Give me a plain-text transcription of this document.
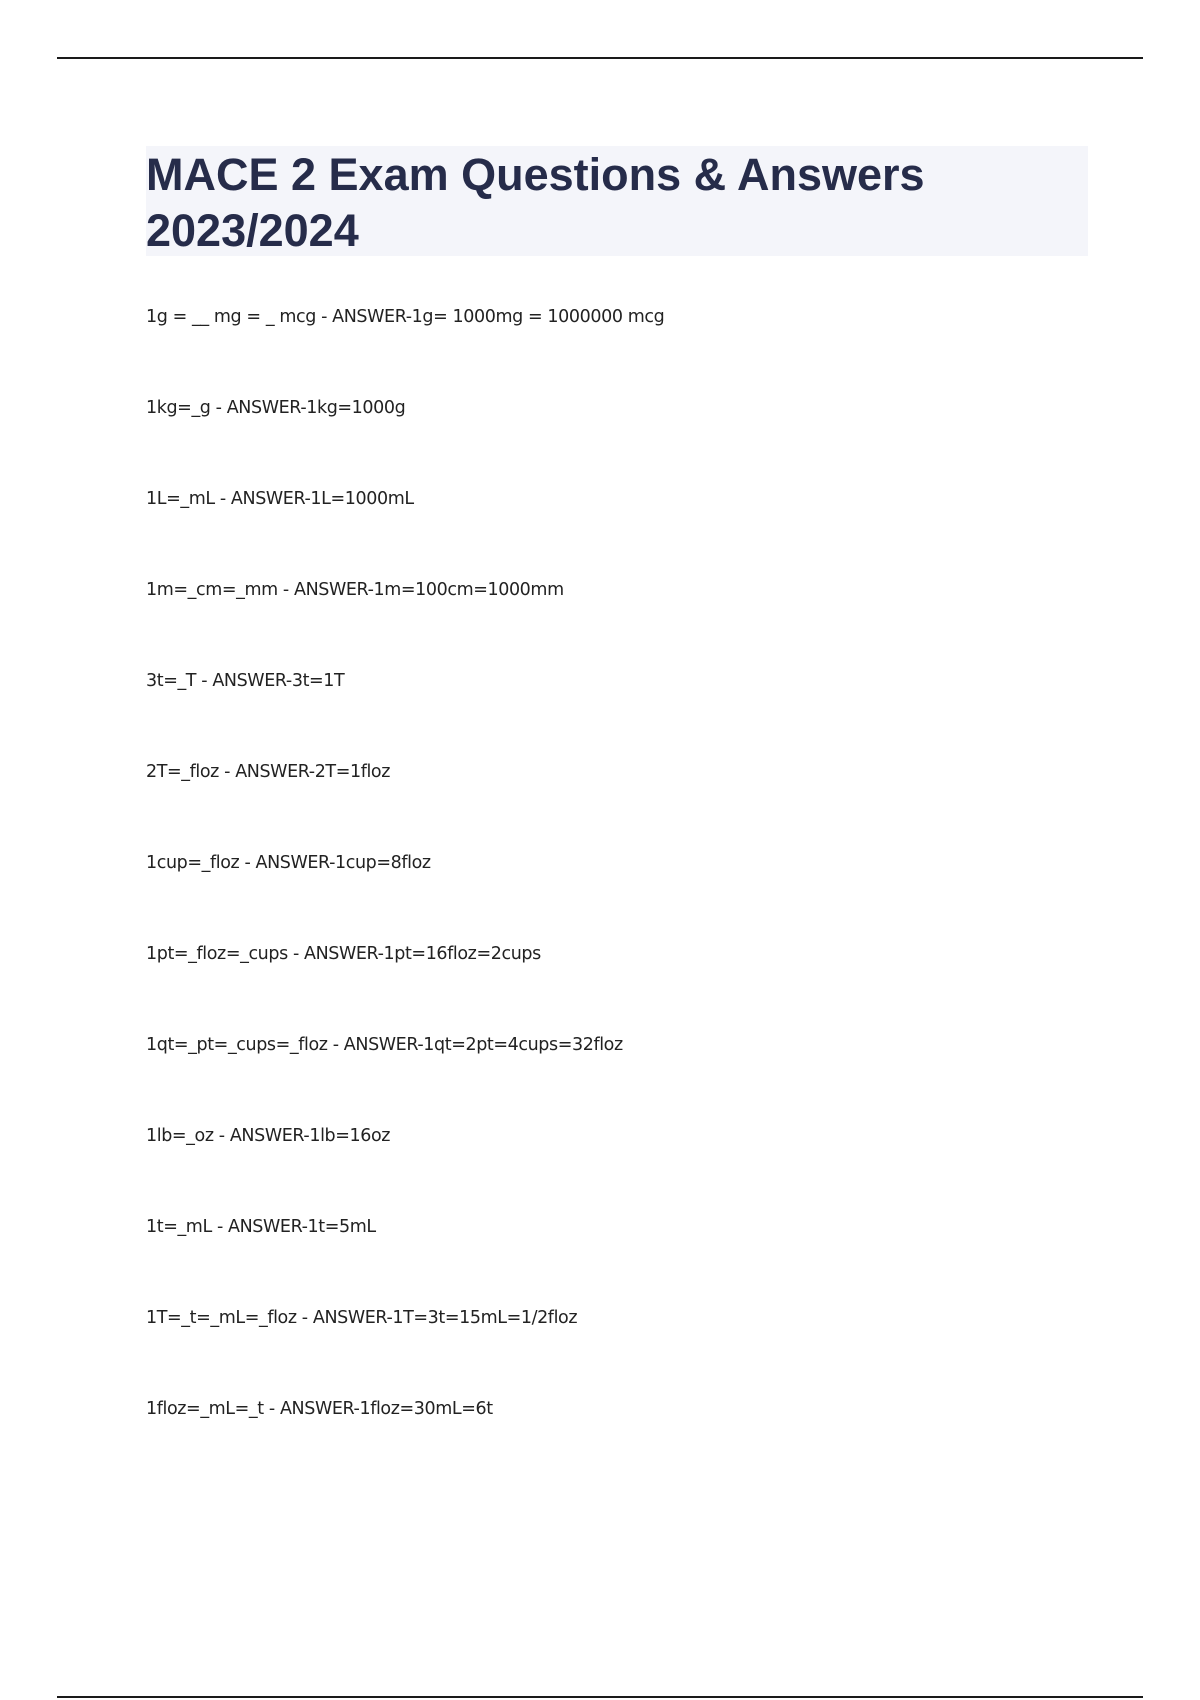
MACE 2 Exam Questions & Answers
2023/2024
1g = __ mg = _ mcg - ANSWER-1g= 1000mg = 1000000 mcg
1kg=_g - ANSWER-1kg=1000g
1L=_mL - ANSWER-1L=1000mL
1m=_cm=_mm - ANSWER-1m=100cm=1000mm
3t=_T - ANSWER-3t=1T
2T=_floz - ANSWER-2T=1floz
1cup=_floz - ANSWER-1cup=8floz
1pt=_floz=_cups - ANSWER-1pt=16floz=2cups
1qt=_pt=_cups=_floz - ANSWER-1qt=2pt=4cups=32floz
1lb=_oz - ANSWER-1lb=16oz
1t=_mL - ANSWER-1t=5mL
1T=_t=_mL=_floz - ANSWER-1T=3t=15mL=1/2floz
1floz=_mL=_t - ANSWER-1floz=30mL=6t
